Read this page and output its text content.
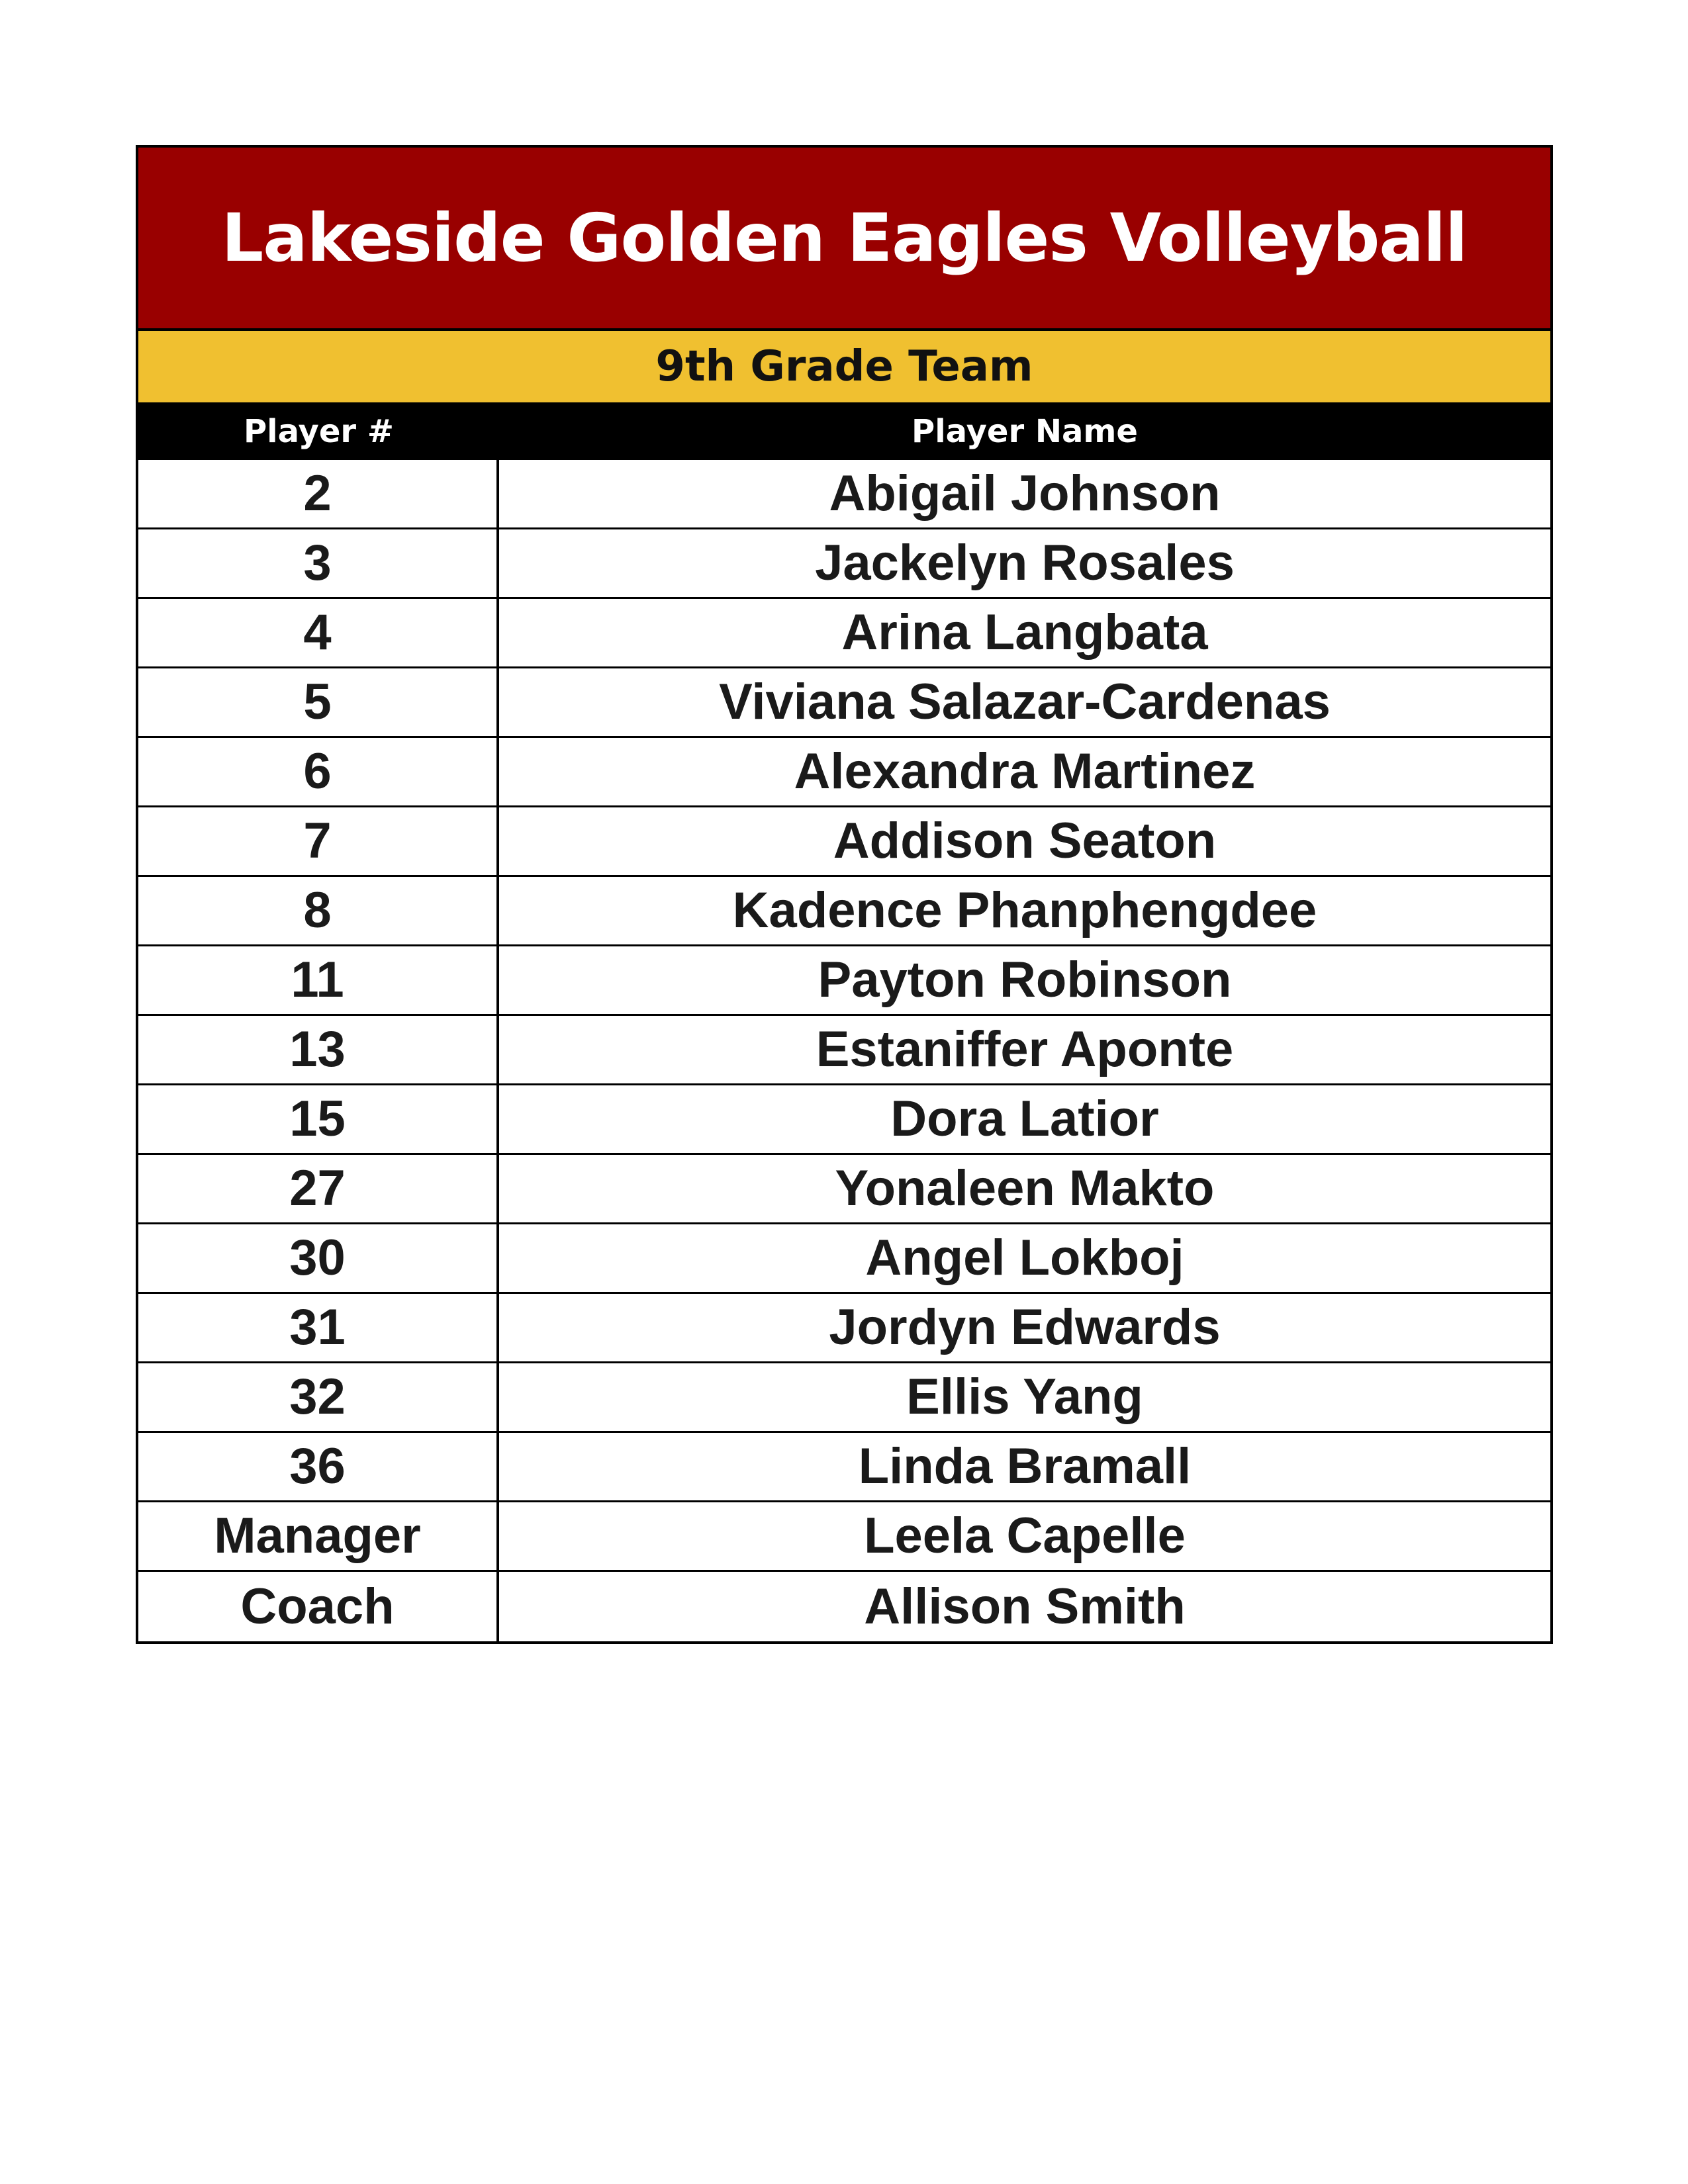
Lakeside Golden Eagles Volleyball
9th Grade Team
Player #	Player Name
2	Abigail Johnson
3	Jackelyn Rosales
4	Arina Langbata
5	Viviana Salazar-Cardenas
6	Alexandra Martinez
7	Addison Seaton
8	Kadence Phanphengdee
11	Payton Robinson
13	Estaniffer Aponte
15	Dora Latior
27	Yonaleen Makto
30	Angel Lokboj
31	Jordyn Edwards
32	Ellis Yang
36	Linda Bramall
Manager	Leela Capelle
Coach	Allison Smith
